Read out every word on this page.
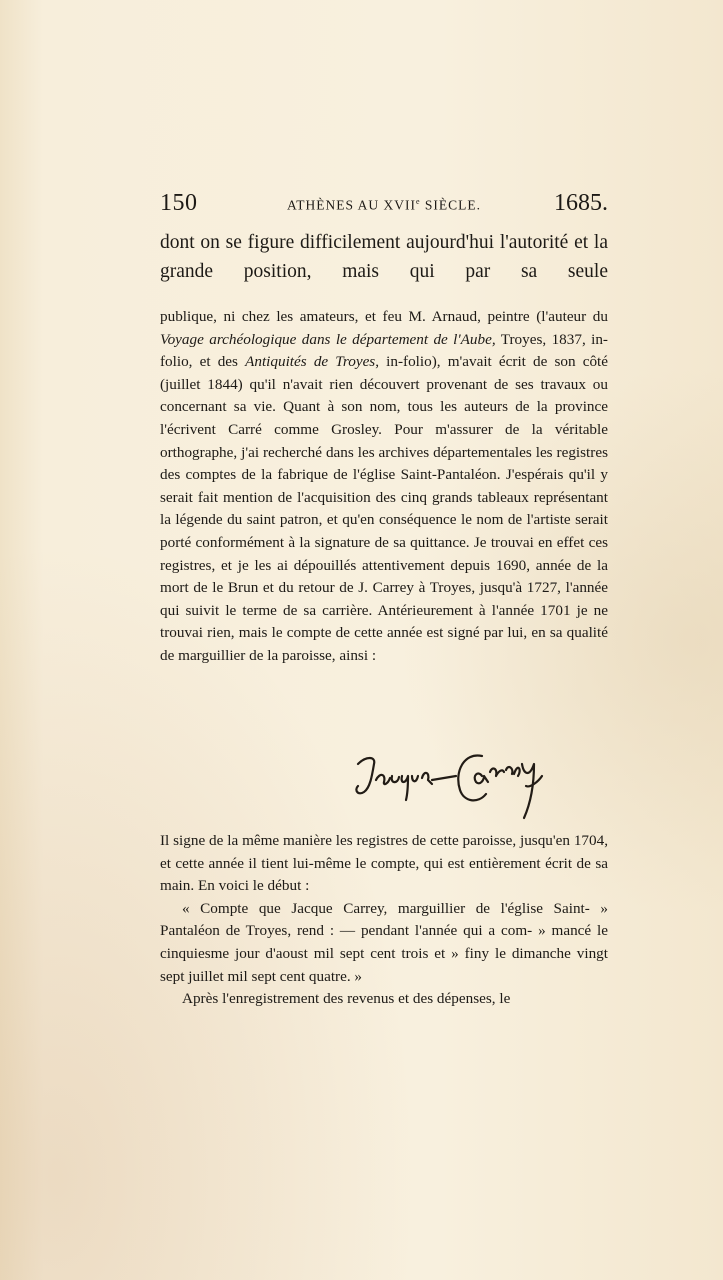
150	ATHÈNES AU XVIIe SIÈCLE.	1685.

dont on se figure difficilement aujourd'hui l'autorité et la grande position, mais qui par sa seule

publique, ni chez les amateurs, et feu M. Arnaud, peintre (l'auteur du Voyage archéologique dans le département de l'Aube, Troyes, 1837, in-folio, et des Antiquités de Troyes, in-folio), m'avait écrit de son côté (juillet 1844) qu'il n'avait rien découvert provenant de ses travaux ou concernant sa vie. Quant à son nom, tous les auteurs de la province l'écrivent Carré comme Grosley. Pour m'assurer de la véritable orthographe, j'ai recherché dans les archives départementales les registres des comptes de la fabrique de l'église Saint-Pantaléon. J'espérais qu'il y serait fait mention de l'acquisition des cinq grands tableaux représentant la légende du saint patron, et qu'en conséquence le nom de l'artiste serait porté conformément à la signature de sa quittance. Je trouvai en effet ces registres, et je les ai dépouillés attentivement depuis 1690, année de la mort de le Brun et du retour de J. Carrey à Troyes, jusqu'à 1727, l'année qui suivit le terme de sa carrière. Antérieurement à l'année 1701 je ne trouvai rien, mais le compte de cette année est signé par lui, en sa qualité de marguillier de la paroisse, ainsi :

Il signe de la même manière les registres de cette paroisse, jusqu'en 1704, et cette année il tient lui-même le compte, qui est entièrement écrit de sa main. En voici le début :

« Compte que Jacque Carrey, marguillier de l'église Saint- » Pantaléon de Troyes, rend : — pendant l'année qui a com- » mancé le cinquiesme jour d'aoust mil sept cent trois et » finy le dimanche vingt sept juillet mil sept cent quatre. »

Après l'enregistrement des revenus et des dépenses, le
